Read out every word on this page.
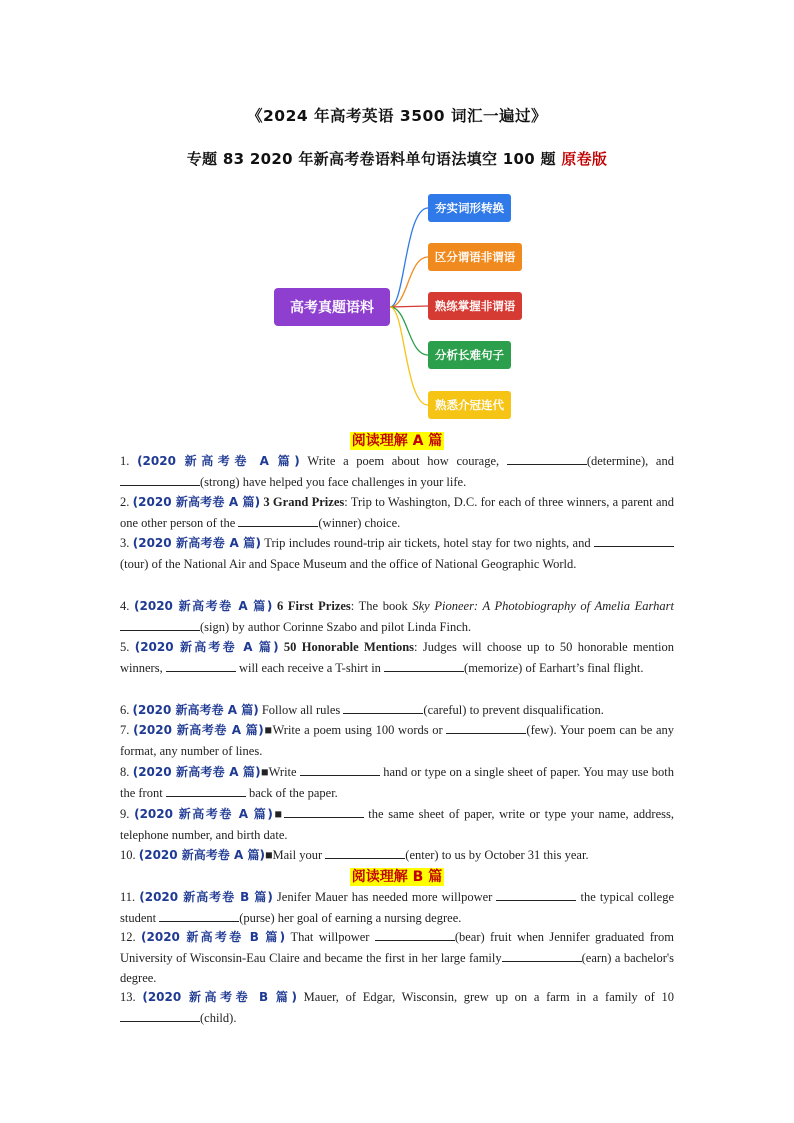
《2024 年高考英语 3500 词汇一遍过》
专题 83 2020 年新高考卷语料单句语法填空 100 题 原卷版
高考真题语料
夯实词形转换
区分谓语非谓语
熟练掌握非谓语
分析长难句子
熟悉介冠连代
阅读理解 A 篇
1. (2020 新高考卷 A 篇) Write a poem about how courage,	(determine), and (strong) have helped you face challenges in your life.
2. (2020 新高考卷 A 篇) 3 Grand Prizes: Trip to Washington, D.C. for each of three winners, a parent and one other person of the	(winner) choice.
3. (2020 新高考卷 A 篇) Trip includes round-trip air tickets, hotel stay for two nights, and (tour) of the National Air and Space Museum and the office of National Geographic World.
4. (2020 新高考卷 A 篇) 6 First Prizes: The book Sky Pioneer: A Photobiography of Amelia Earhart (sign) by author Corinne Szabo and pilot Linda Finch.
5. (2020 新高考卷 A 篇) 50 Honorable Mentions: Judges will choose up to 50 honorable mention winners,	will each receive a T-shirt in	(memorize) of Earhart’s final flight.
6. (2020 新高考卷 A 篇) Follow all rules	(careful) to prevent disqualification.
7. (2020 新高考卷 A 篇)■Write a poem using 100 words or	(few). Your poem can be any format, any number of lines.
8. (2020 新高考卷 A 篇)■Write	hand or type on a single sheet of paper. You may use both the front	back of the paper.
9. (2020 新高考卷 A 篇)■	the same sheet of paper, write or type your name, address, telephone number, and birth date.
10. (2020 新高考卷 A 篇)■Mail your	(enter) to us by October 31 this year.
阅读理解 B 篇
11. (2020 新高考卷 B 篇) Jenifer Mauer has needed more willpower	the typical college student	(purse) her goal of earning a nursing degree.
12. (2020 新高考卷 B 篇) That willpower	(bear) fruit when Jennifer graduated from University of Wisconsin-Eau Claire and became the first in her large family	(earn) a bachelor's degree.
13. (2020 新高考卷 B 篇) Mauer, of Edgar, Wisconsin, grew up on a farm in a family of 10 (child).
